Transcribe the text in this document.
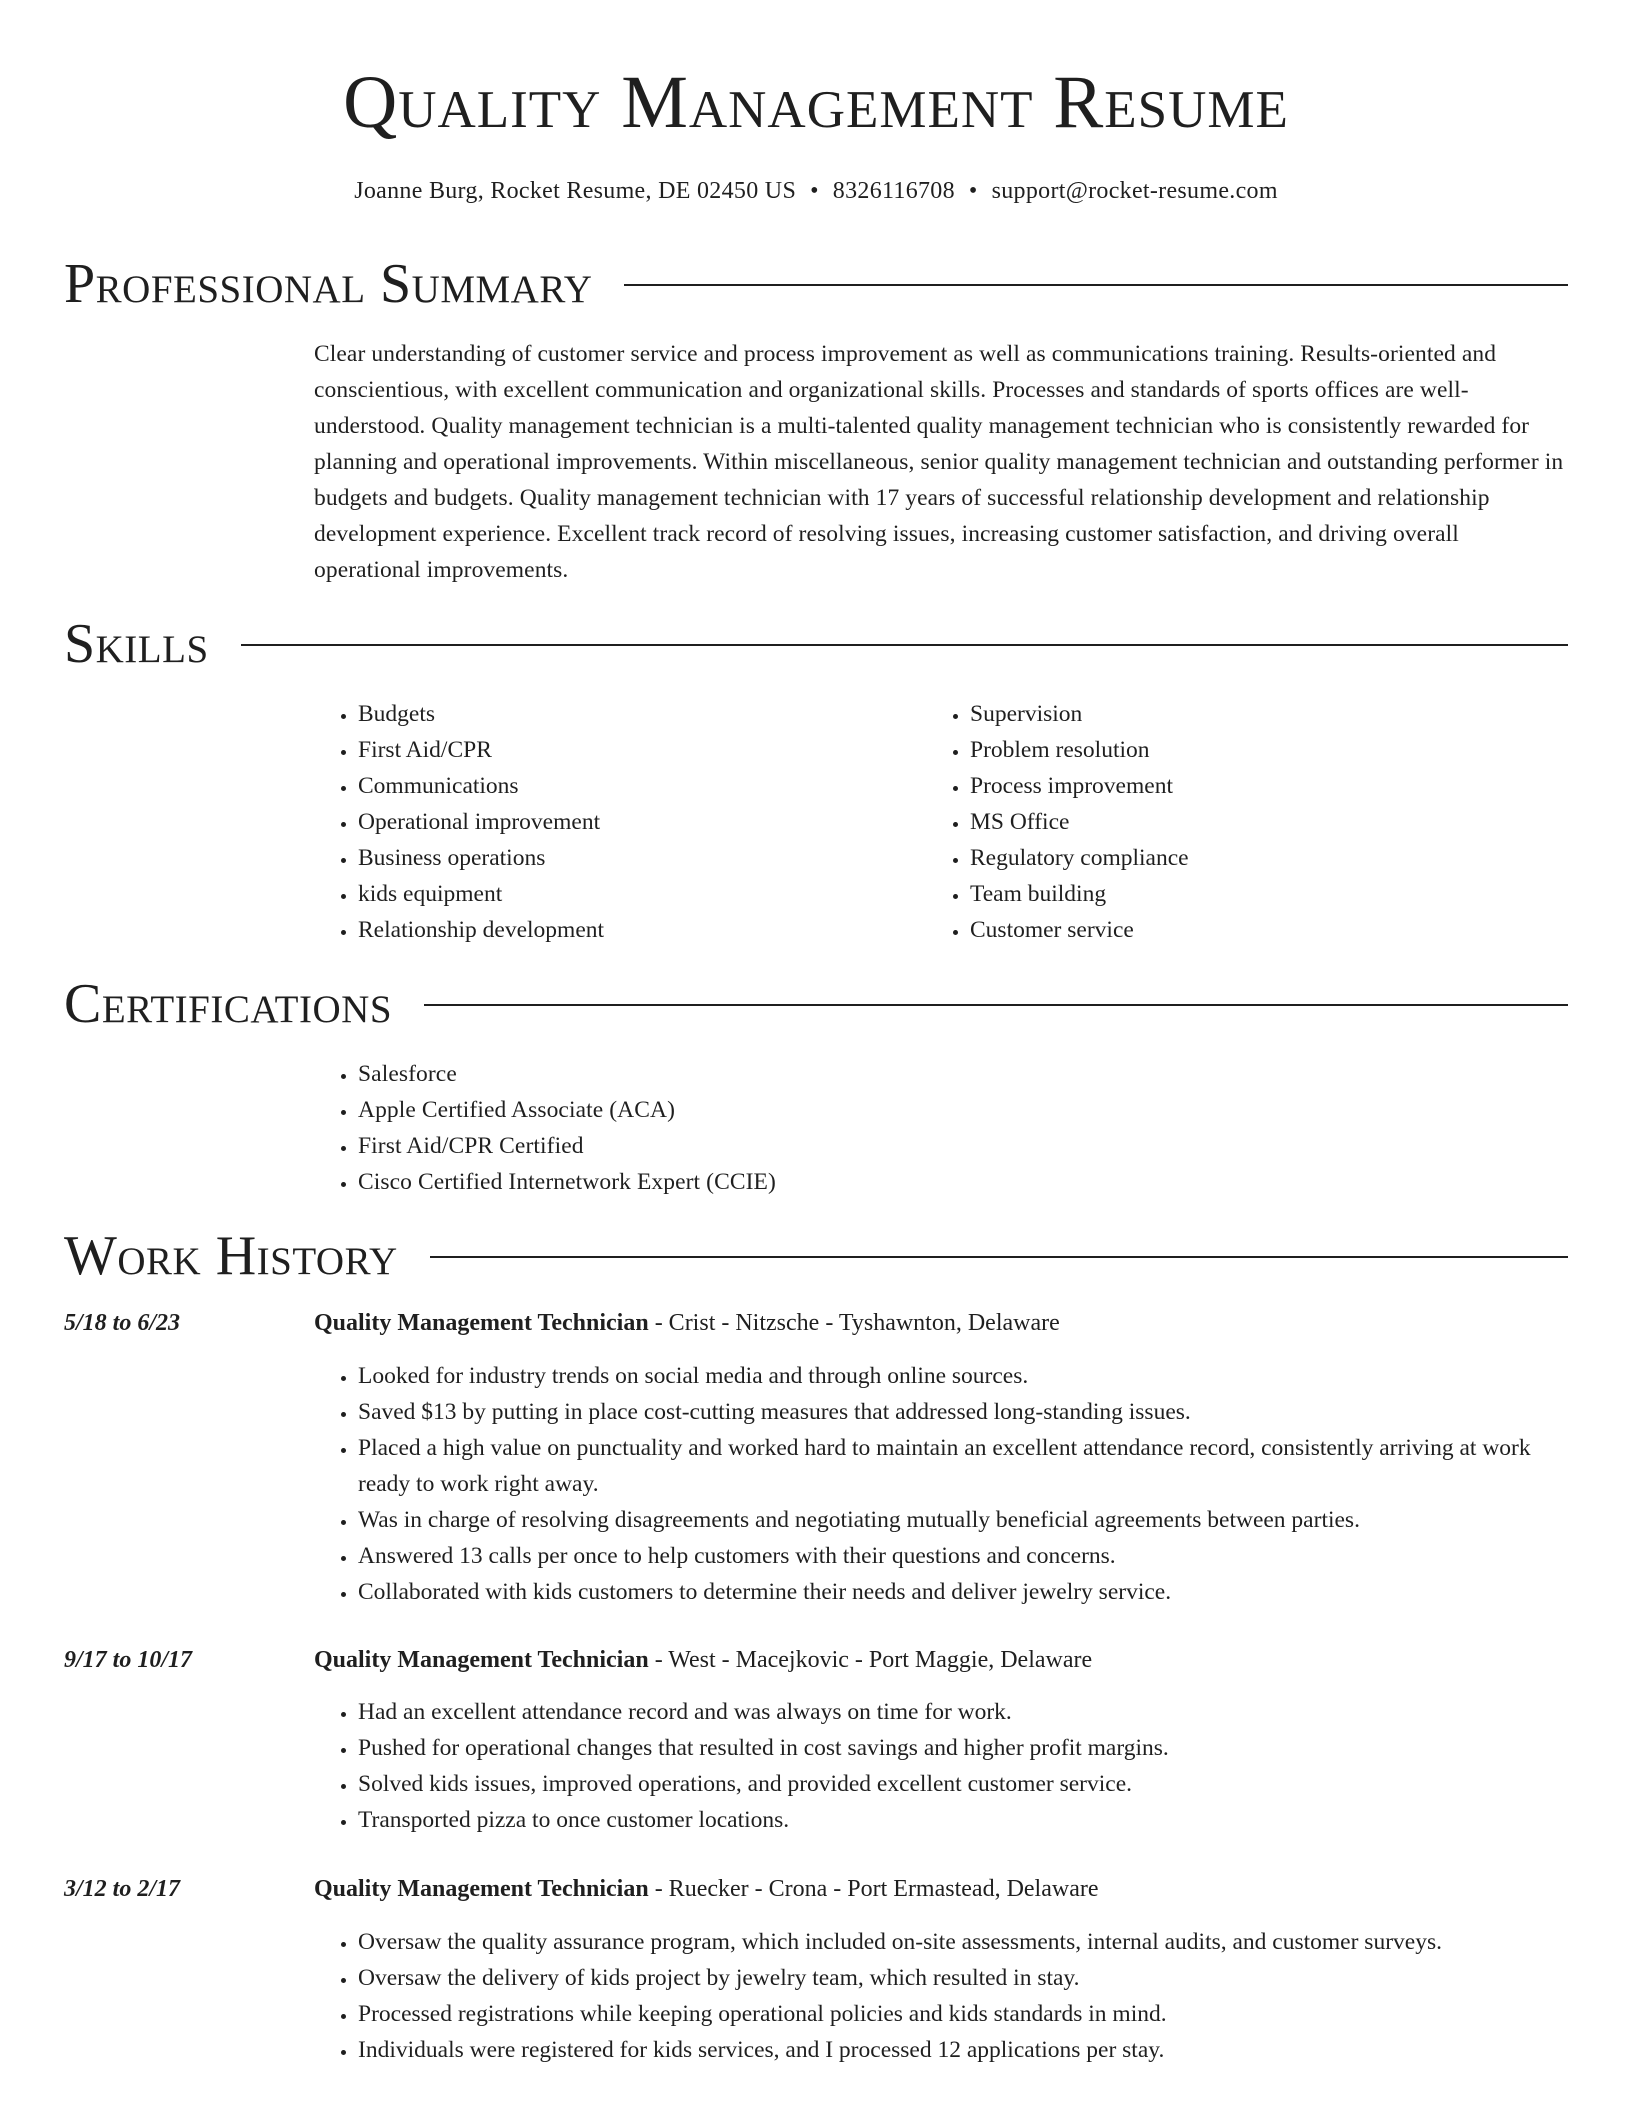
Quality Management Resume
Joanne Burg, Rocket Resume, DE 02450 US • 8326116708 • support@rocket-resume.com
Professional Summary
Clear understanding of customer service and process improvement as well as communications training. Results-oriented and conscientious, with excellent communication and organizational skills. Processes and standards of sports offices are well-understood. Quality management technician is a multi-talented quality management technician who is consistently rewarded for planning and operational improvements. Within miscellaneous, senior quality management technician and outstanding performer in budgets and budgets. Quality management technician with 17 years of successful relationship development and relationship development experience. Excellent track record of resolving issues, increasing customer satisfaction, and driving overall operational improvements.
Skills
• Budgets
• First Aid/CPR
• Communications
• Operational improvement
• Business operations
• kids equipment
• Relationship development
• Supervision
• Problem resolution
• Process improvement
• MS Office
• Regulatory compliance
• Team building
• Customer service
Certifications
• Salesforce
• Apple Certified Associate (ACA)
• First Aid/CPR Certified
• Cisco Certified Internetwork Expert (CCIE)
Work History
5/18 to 6/23	Quality Management Technician - Crist - Nitzsche - Tyshawnton, Delaware
• Looked for industry trends on social media and through online sources.
• Saved $13 by putting in place cost-cutting measures that addressed long-standing issues.
• Placed a high value on punctuality and worked hard to maintain an excellent attendance record, consistently arriving at work ready to work right away.
• Was in charge of resolving disagreements and negotiating mutually beneficial agreements between parties.
• Answered 13 calls per once to help customers with their questions and concerns.
• Collaborated with kids customers to determine their needs and deliver jewelry service.
9/17 to 10/17	Quality Management Technician - West - Macejkovic - Port Maggie, Delaware
• Had an excellent attendance record and was always on time for work.
• Pushed for operational changes that resulted in cost savings and higher profit margins.
• Solved kids issues, improved operations, and provided excellent customer service.
• Transported pizza to once customer locations.
3/12 to 2/17	Quality Management Technician - Ruecker - Crona - Port Ermastead, Delaware
• Oversaw the quality assurance program, which included on-site assessments, internal audits, and customer surveys.
• Oversaw the delivery of kids project by jewelry team, which resulted in stay.
• Processed registrations while keeping operational policies and kids standards in mind.
• Individuals were registered for kids services, and I processed 12 applications per stay.
